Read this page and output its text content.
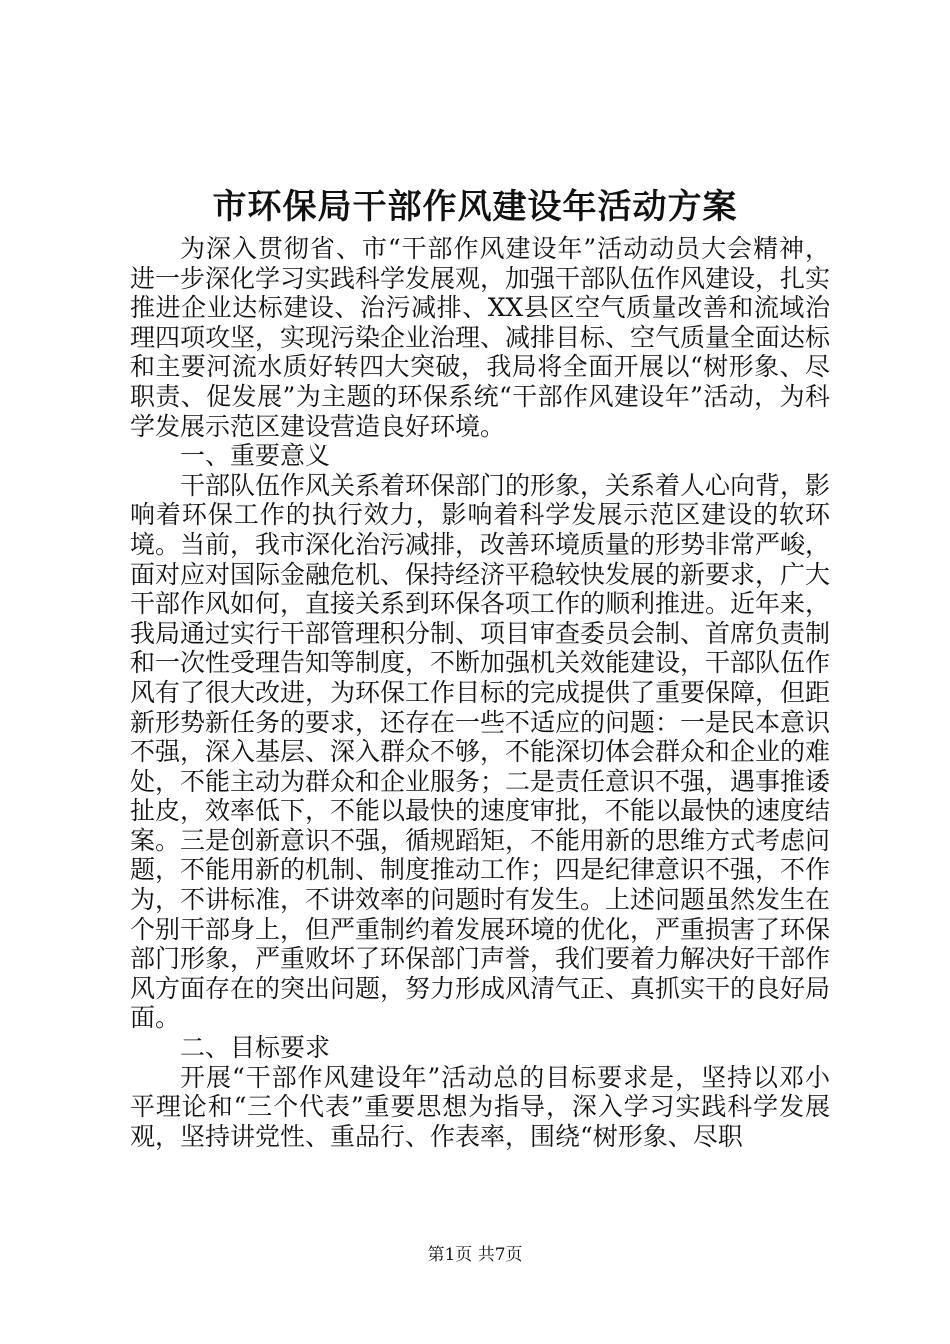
市环保局干部作风建设年活动方案

为深入贯彻省、市“干部作风建设年”活动动员大会精神，进一步深化学习实践科学发展观，加强干部队伍作风建设，扎实推进企业达标建设、治污减排、XX县区空气质量改善和流域治理四项攻坚，实现污染企业治理、减排目标、空气质量全面达标和主要河流水质好转四大突破，我局将全面开展以“树形象、尽职责、促发展”为主题的环保系统“干部作风建设年”活动，为科学发展示范区建设营造良好环境。

一、重要意义

干部队伍作风关系着环保部门的形象，关系着人心向背，影响着环保工作的执行效力，影响着科学发展示范区建设的软环境。当前，我市深化治污减排，改善环境质量的形势非常严峻，面对应对国际金融危机、保持经济平稳较快发展的新要求，广大干部作风如何，直接关系到环保各项工作的顺利推进。近年来，我局通过实行干部管理积分制、项目审查委员会制、首席负责制和一次性受理告知等制度，不断加强机关效能建设，干部队伍作风有了很大改进，为环保工作目标的完成提供了重要保障，但距新形势新任务的要求，还存在一些不适应的问题：一是民本意识不强，深入基层、深入群众不够，不能深切体会群众和企业的难处，不能主动为群众和企业服务；二是责任意识不强，遇事推诿扯皮，效率低下，不能以最快的速度审批，不能以最快的速度结案。三是创新意识不强，循规蹈矩，不能用新的思维方式考虑问题，不能用新的机制、制度推动工作；四是纪律意识不强，不作为，不讲标准，不讲效率的问题时有发生。上述问题虽然发生在个别干部身上，但严重制约着发展环境的优化，严重损害了环保部门形象，严重败坏了环保部门声誉，我们要着力解决好干部作风方面存在的突出问题，努力形成风清气正、真抓实干的良好局面。

二、目标要求

开展“干部作风建设年”活动总的目标要求是，坚持以邓小平理论和“三个代表”重要思想为指导，深入学习实践科学发展观，坚持讲党性、重品行、作表率，围绕“树形象、尽职

第1页 共7页
